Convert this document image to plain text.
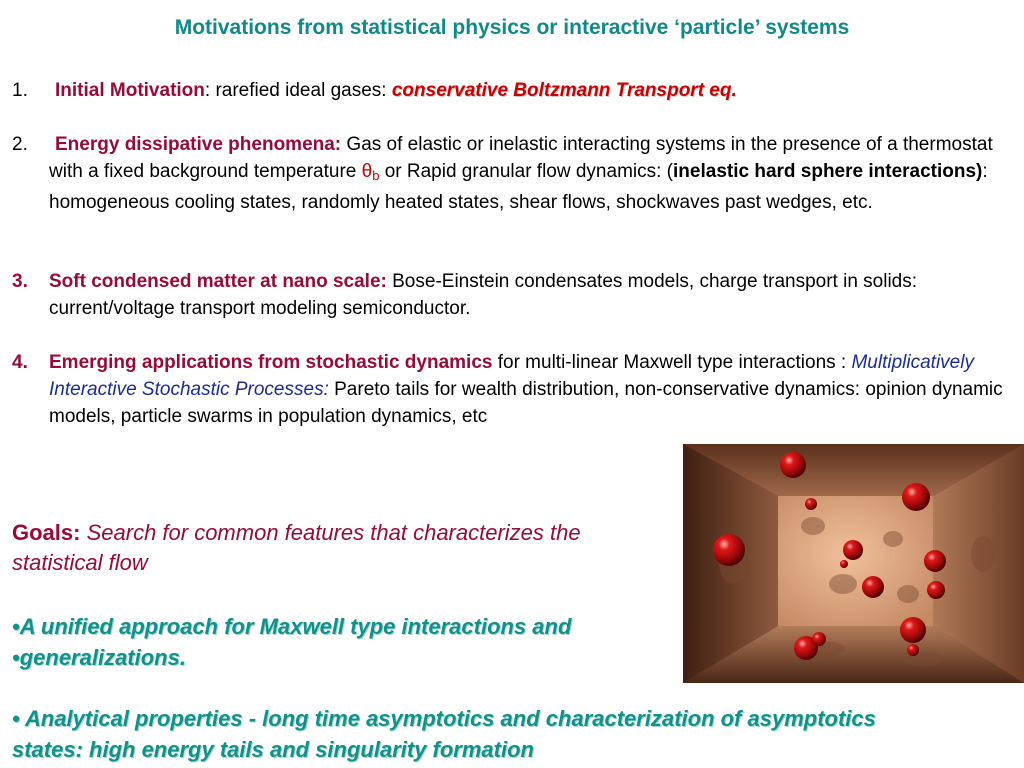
Motivations from statistical physics or interactive ‘particle’ systems
1. Initial Motivation: rarefied ideal gases: conservative Boltzmann Transport eq.
2.	Energy dissipative phenomena: Gas of elastic or inelastic interacting systems in the presence of a thermostat with a fixed background temperature $\theta_b$ or Rapid granular flow dynamics: (inelastic hard sphere interactions): homogeneous cooling states, randomly heated states, shear flows, shockwaves past wedges, etc.
3. Soft condensed matter at nano scale: Bose-Einstein condensates models, charge transport in solids: current/voltage transport modeling semiconductor.
4. Emerging applications from stochastic dynamics for multi-linear Maxwell type interactions : Multiplicatively Interactive Stochastic Processes: Pareto tails for wealth distribution, non-conservative dynamics: opinion dynamic models, particle swarms in population dynamics, etc
Goals: Search for common features that characterizes the statistical flow
•A unified approach for Maxwell type interactions and
•generalizations.
• Analytical properties - long time asymptotics and characterization of asymptotics states: high energy tails and singularity formation
